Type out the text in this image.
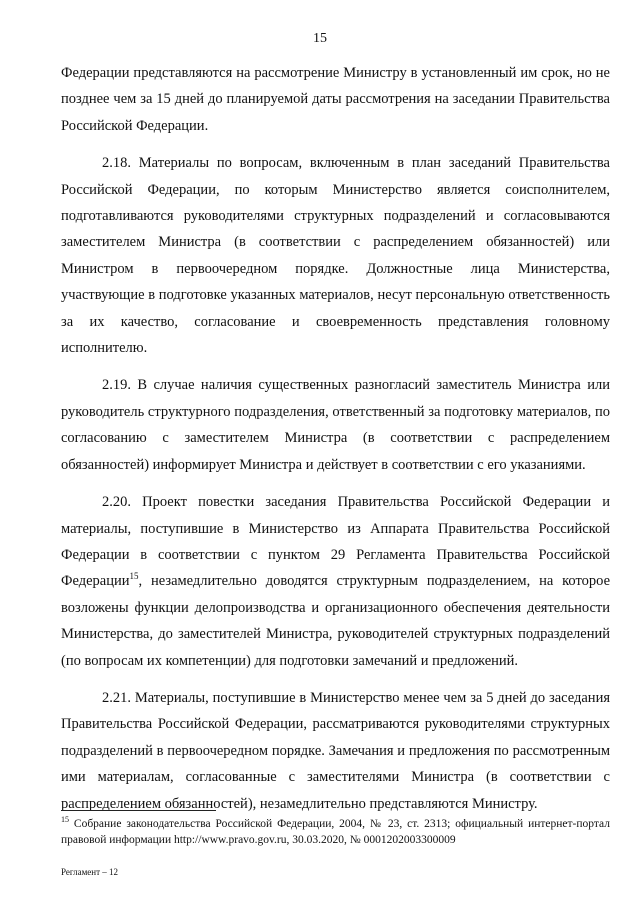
15

Федерации представляются на рассмотрение Министру в установленный им срок, но не позднее чем за 15 дней до планируемой даты рассмотрения на заседании Правительства Российской Федерации.

2.18. Материалы по вопросам, включенным в план заседаний Правительства Российской Федерации, по которым Министерство является соисполнителем, подготавливаются руководителями структурных подразделений и согласовываются заместителем Министра (в соответствии с распределением обязанностей) или Министром в первоочередном порядке. Должностные лица Министерства, участвующие в подготовке указанных материалов, несут персональную ответственность за их качество, согласование и своевременность представления головному исполнителю.

2.19. В случае наличия существенных разногласий заместитель Министра или руководитель структурного подразделения, ответственный за подготовку материалов, по согласованию с заместителем Министра (в соответствии с распределением обязанностей) информирует Министра и действует в соответствии с его указаниями.

2.20. Проект повестки заседания Правительства Российской Федерации и материалы, поступившие в Министерство из Аппарата Правительства Российской Федерации в соответствии с пунктом 29 Регламента Правительства Российской Федерации$^{15}$, незамедлительно доводятся структурным подразделением, на которое возложены функции делопроизводства и организационного обеспечения деятельности Министерства, до заместителей Министра, руководителей структурных подразделений (по вопросам их компетенции) для подготовки замечаний и предложений.

2.21. Материалы, поступившие в Министерство менее чем за 5 дней до заседания Правительства Российской Федерации, рассматриваются руководителями структурных подразделений в первоочередном порядке. Замечания и предложения по рассмотренным ими материалам, согласованные с заместителями Министра (в соответствии с распределением обязанностей), незамедлительно представляются Министру.

$^{15}$ Собрание законодательства Российской Федерации, 2004, № 23, ст. 2313; официальный интернет-портал правовой информации http://www.pravo.gov.ru, 30.03.2020, № 0001202003300009

Регламент – 12
